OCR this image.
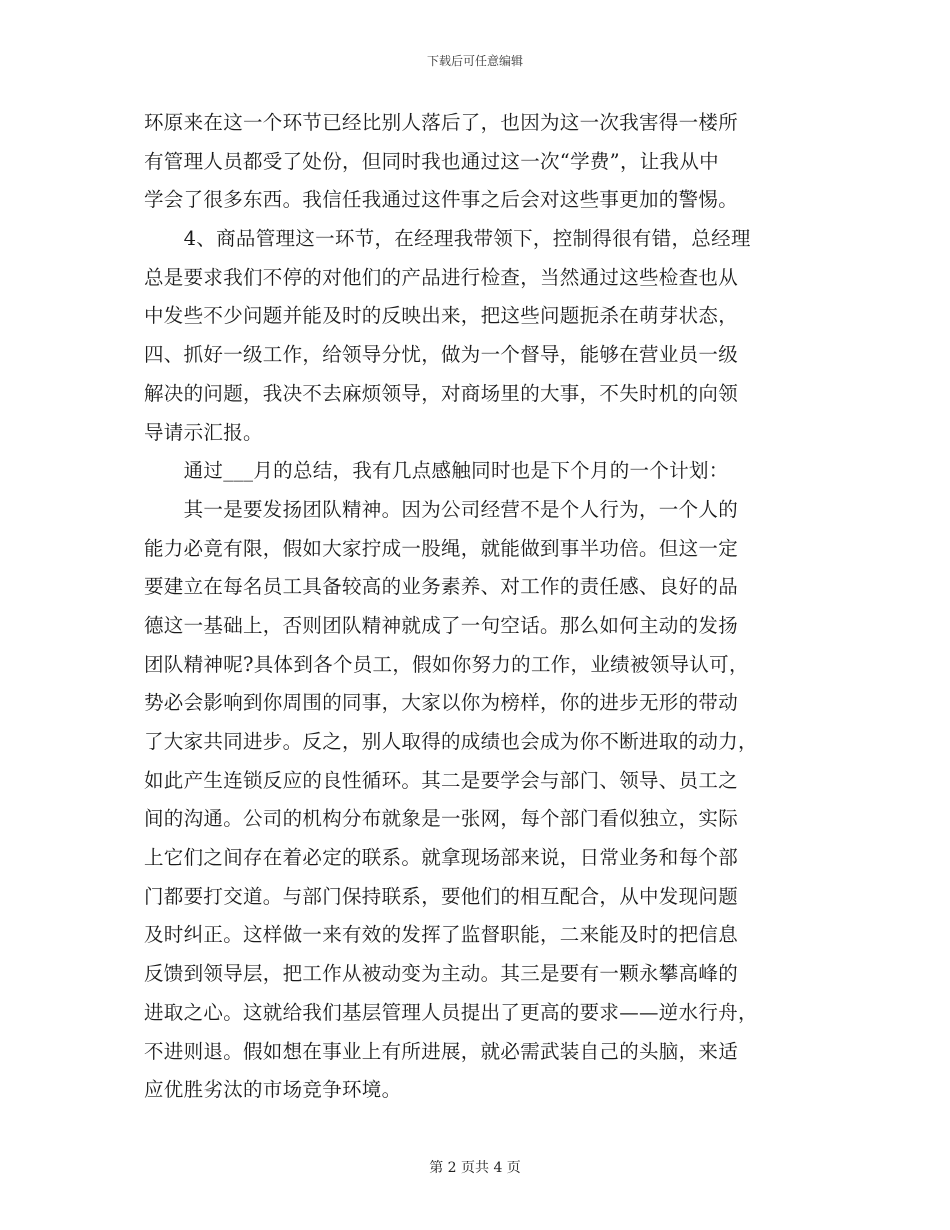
下载后可任意编辑
环原来在这一个环节已经比别人落后了，也因为这一次我害得一楼所
有管理人员都受了处份，但同时我也通过这一次“学费”，让我从中
学会了很多东西。我信任我通过这件事之后会对这些事更加的警惕。
　　4、商品管理这一环节，在经理我带领下，控制得很有错，总经理
总是要求我们不停的对他们的产品进行检查，当然通过这些检查也从
中发些不少问题并能及时的反映出来，把这些问题扼杀在萌芽状态，
四、抓好一级工作，给领导分忧，做为一个督导，能够在营业员一级
解决的问题，我决不去麻烦领导，对商场里的大事，不失时机的向领
导请示汇报。
　　通过___月的总结，我有几点感触同时也是下个月的一个计划：
　　其一是要发扬团队精神。因为公司经营不是个人行为，一个人的
能力必竟有限，假如大家拧成一股绳，就能做到事半功倍。但这一定
要建立在每名员工具备较高的业务素养、对工作的责任感、良好的品
德这一基础上，否则团队精神就成了一句空话。那么如何主动的发扬
团队精神呢?具体到各个员工，假如你努力的工作，业绩被领导认可，
势必会影响到你周围的同事，大家以你为榜样，你的进步无形的带动
了大家共同进步。反之，别人取得的成绩也会成为你不断进取的动力，
如此产生连锁反应的良性循环。其二是要学会与部门、领导、员工之
间的沟通。公司的机构分布就象是一张网，每个部门看似独立，实际
上它们之间存在着必定的联系。就拿现场部来说，日常业务和每个部
门都要打交道。与部门保持联系，要他们的相互配合，从中发现问题
及时纠正。这样做一来有效的发挥了监督职能，二来能及时的把信息
反馈到领导层，把工作从被动变为主动。其三是要有一颗永攀高峰的
进取之心。这就给我们基层管理人员提出了更高的要求——逆水行舟，
不进则退。假如想在事业上有所进展，就必需武装自己的头脑，来适
应优胜劣汰的市场竞争环境。
第 2 页共 4 页
